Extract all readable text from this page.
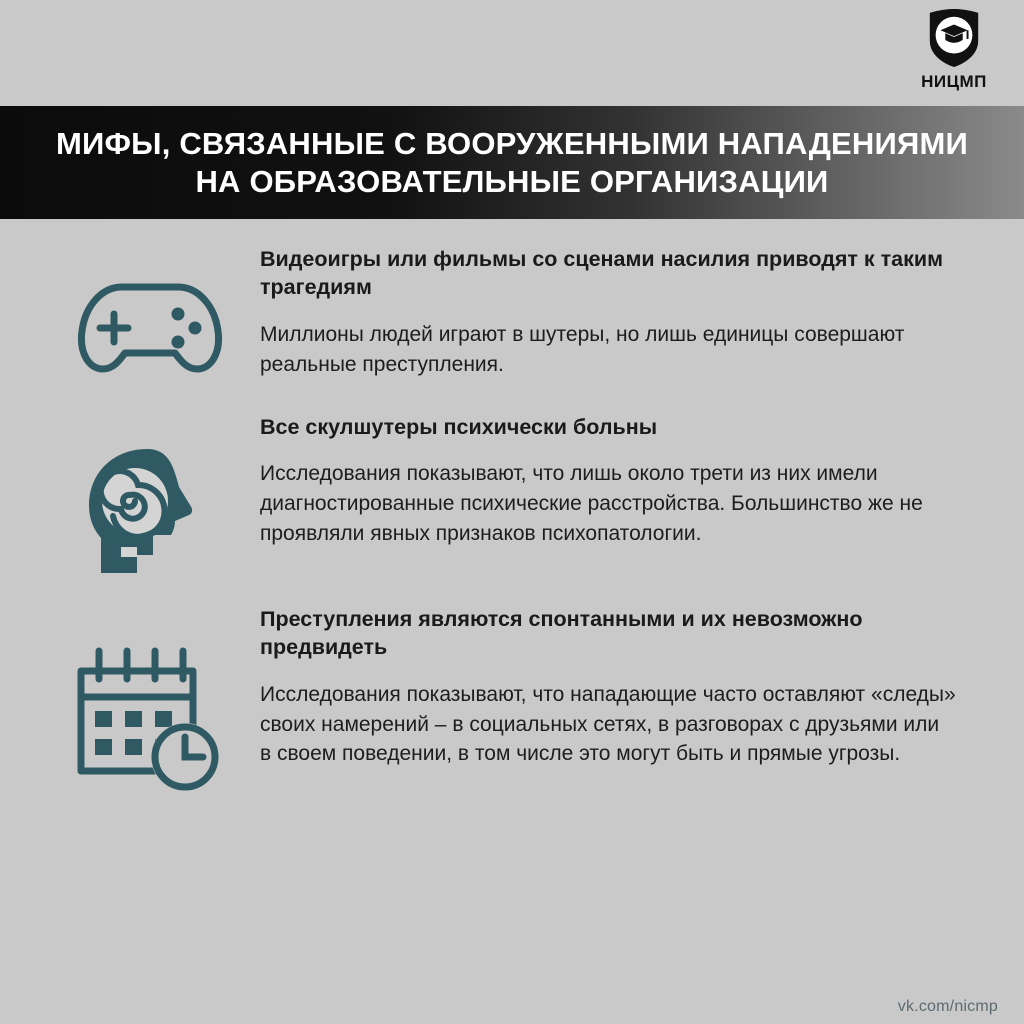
НИЦМП
МИФЫ, СВЯЗАННЫЕ С ВООРУЖЕННЫМИ НАПАДЕНИЯМИ НА ОБРАЗОВАТЕЛЬНЫЕ ОРГАНИЗАЦИИ

Видеоигры или фильмы со сценами насилия приводят к таким трагедиям

Миллионы людей играют в шутеры, но лишь единицы совершают реальные преступления.

Все скулшутеры психически больны

Исследования показывают, что лишь около трети из них имели диагностированные психические расстройства. Большинство же не проявляли явных признаков психопатологии.

Преступления являются спонтанными и их невозможно предвидеть

Исследования показывают, что нападающие часто оставляют «следы» своих намерений – в социальных сетях, в разговорах с друзьями или в своем поведении, в том числе это могут быть и прямые угрозы.

vk.com/nicmp
